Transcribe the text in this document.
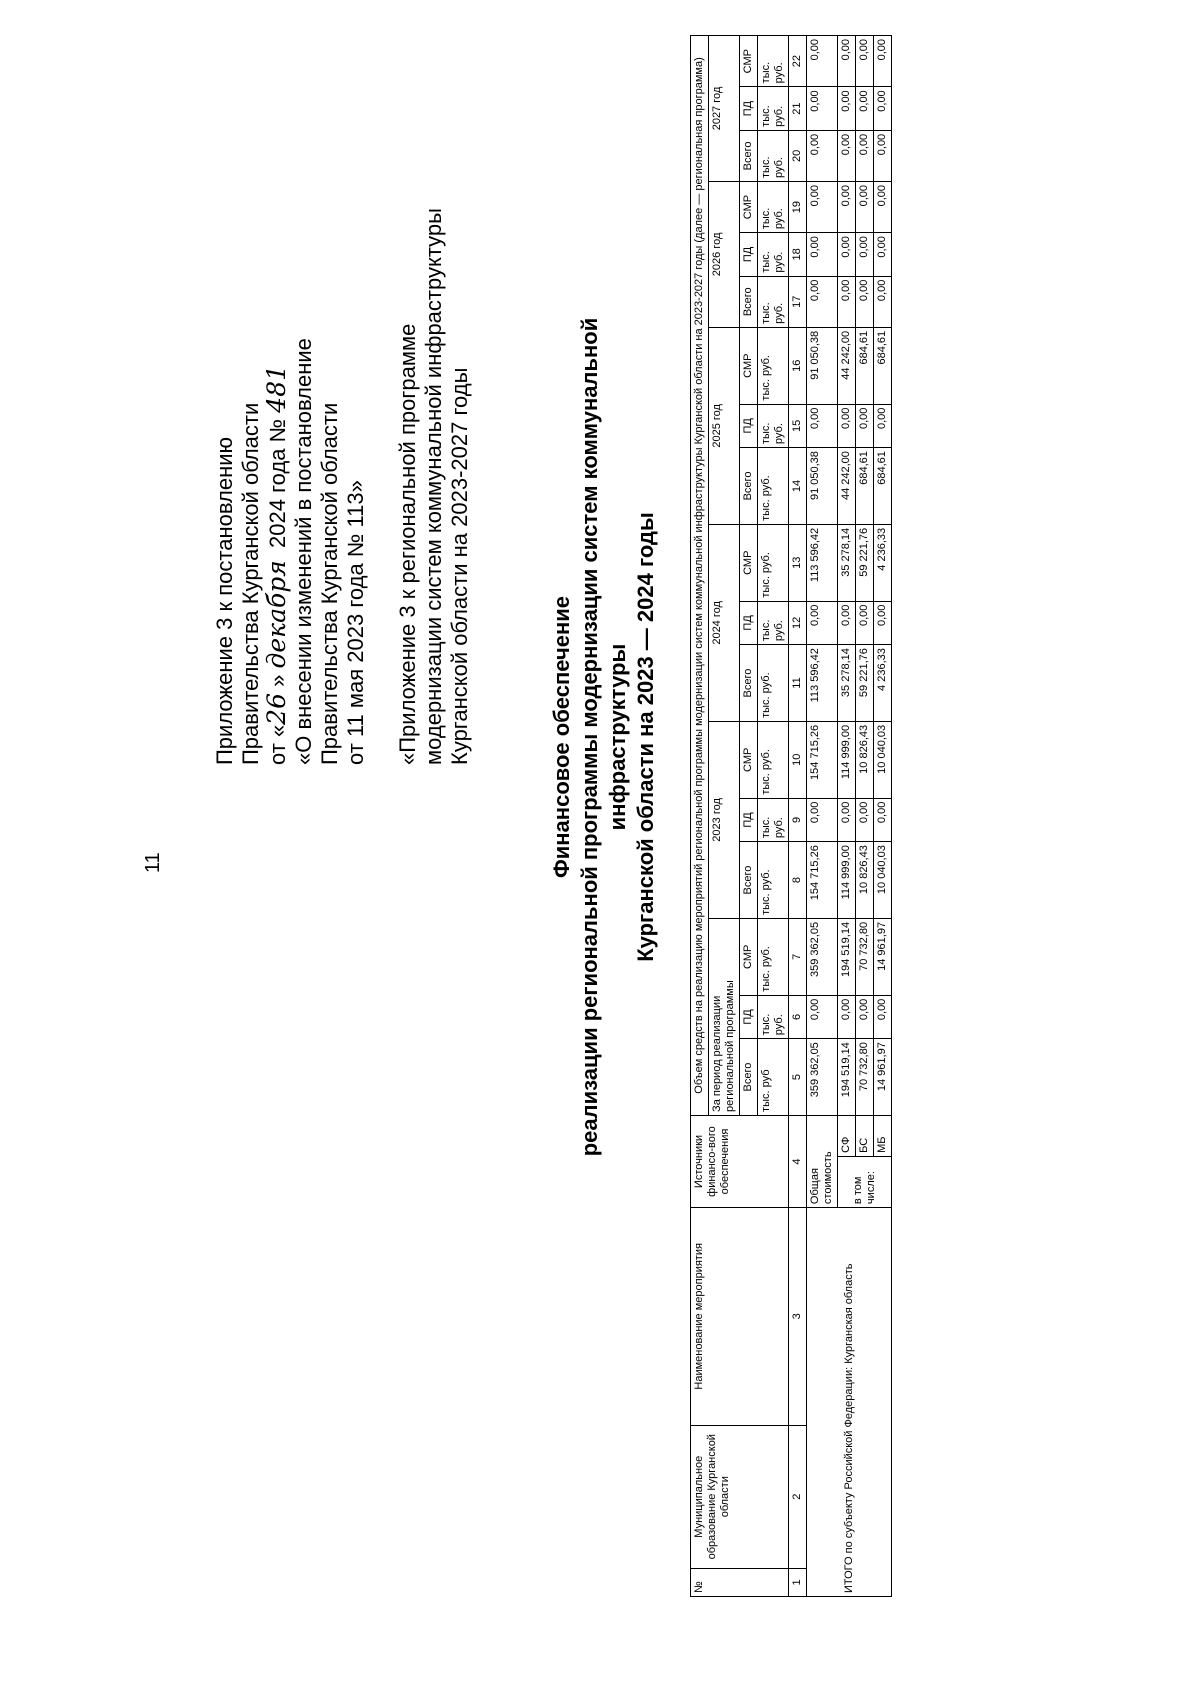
11
Приложение 3 к постановлению Правительства Курганской области от «26 » декабря  2024 года № 481 «О внесении изменений в постановление Правительства Курганской области от 11 мая 2023 года № 113» «Приложение 3 к региональной программе модернизации систем коммунальной инфраструктуры Курганской области на 2023-2027 годы	Финансовое обеспечение реализации региональной программы модернизации систем коммунальной инфраструктуры Курганской области на 2023 — 2024 годы
№	Муниципальное образование Курганской области	Наименование мероприятия	Источники финансо-вого обеспечения		Объем средств на реализацию мероприятий региональной программы модернизации систем коммунальной инфраструктуры Курганской области на 2023-2027 годы (далее — региональная программа)																	
					За период реализации региональной программы			2023 год			2024 год			2025 год			2026 год			2027 год		
					Всего	ПД	СМР	Всего	ПД	СМР	Всего	ПД	СМР	Всего	ПД	СМР	Всего	ПД	СМР	Всего	ПД	СМР
					тыс. руб	тыс. руб.	тыс. руб.	тыс. руб.	тыс. руб.	тыс. руб.	тыс. руб.	тыс. руб.	тыс. руб.	тыс. руб.	тыс. руб.	тыс. руб.	тыс. руб.	тыс. руб.	тыс. руб.	тыс. руб.	тыс. руб.	тыс. руб.
1	2	3	4		5	6	7	8	9	10	11	12	13	14	15	16	17	18	19	20	21	22
ИТОГО по субъекту Российской Федерации: Курганская область			Общая стоимость		359 362,05	0,00	359 362,05	154 715,26	0,00	154 715,26	113 596,42	0,00	113 596,42	91 050,38	0,00	91 050,38	0,00	0,00	0,00	0,00	0,00	0,00
			в том числе:	СФ	194 519,14	0,00	194 519,14	114 999,00	0,00	114 999,00	35 278,14	0,00	35 278,14	44 242,00	0,00	44 242,00	0,00	0,00	0,00	0,00	0,00	0,00
				БС	70 732,80	0,00	70 732,80	10 826,43	0,00	10 826,43	59 221,76	0,00	59 221,76	684,61	0,00	684,61	0,00	0,00	0,00	0,00	0,00	0,00
				МБ	14 961,97	0,00	14 961,97	10 040,03	0,00	10 040,03	4 236,33	0,00	4 236,33	684,61	0,00	684,61	0,00	0,00	0,00	0,00	0,00	0,00
